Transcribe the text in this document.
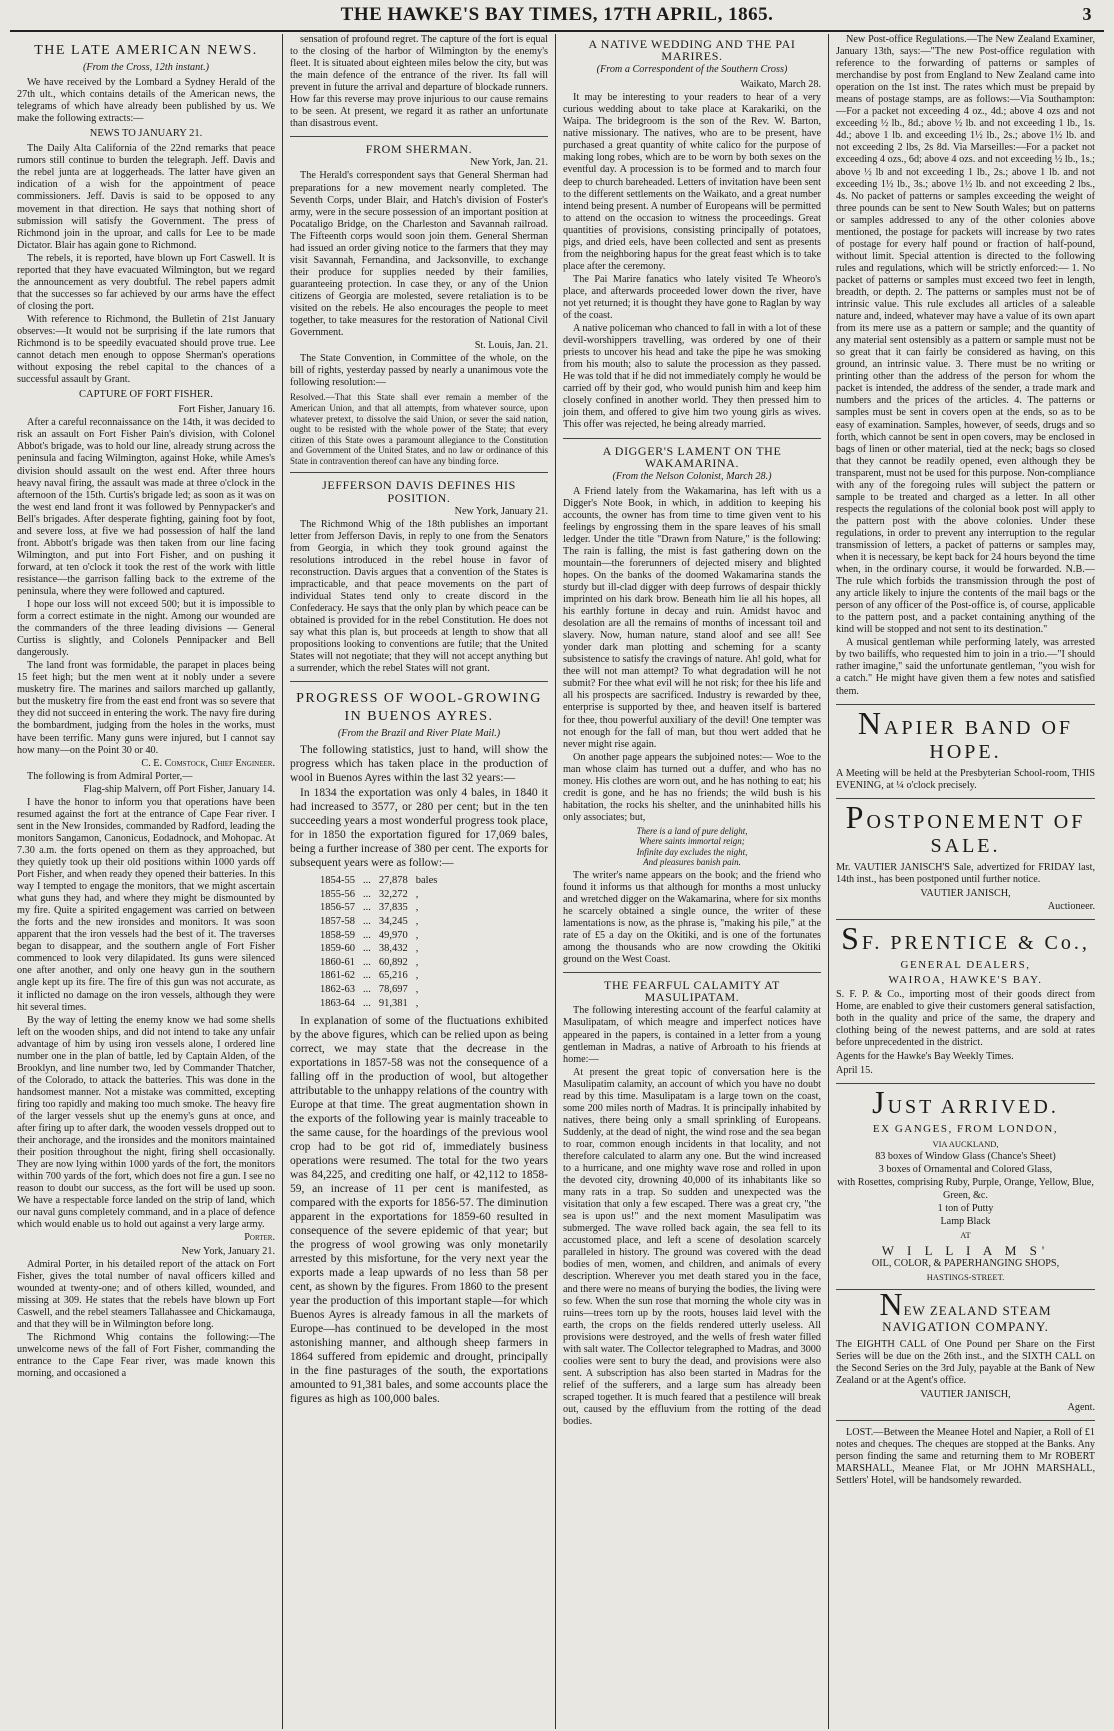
THE HAWKE'S BAY TIMES, 17TH APRIL, 1865.	3
THE LATE AMERICAN NEWS.
(From the Cross, 12th instant.)

We have received by the Lombard a Sydney Herald of the 27th ult., which contains details of the American news, the telegrams of which have already been published by us. We make the following extracts:—

NEWS TO JANUARY 21.

The Daily Alta California of the 22nd remarks that peace rumors still continue to burden the telegraph. Jeff. Davis and the rebel junta are at loggerheads. The latter have given an indication of a wish for the appointment of peace commissioners. Jeff. Davis is said to be opposed to any movement in that direction. He says that nothing short of submission will satisfy the Government. The press of Richmond join in the uproar, and calls for Lee to be made Dictator. Blair has again gone to Richmond.

The rebels, it is reported, have blown up Fort Caswell. It is reported that they have evacuated Wilmington, but we regard the announcement as very doubtful. The rebel papers admit that the successes so far achieved by our arms have the effect of closing the port.

With reference to Richmond, the Bulletin of 21st January observes:—It would not be surprising if the late rumors that Richmond is to be speedily evacuated should prove true. Lee cannot detach men enough to oppose Sherman's operations without exposing the rebel capital to the chances of a successful assault by Grant.

CAPTURE OF FORT FISHER.
Fort Fisher, January 16.

After a careful reconnaissance on the 14th, it was decided to risk an assault on Fort Fisher Pain's division, with Colonel Abbot's brigade, was to hold our line, already strung across the peninsula and facing Wilmington, against Hoke, while Ames's division should assault on the west end. After three hours heavy naval firing, the assault was made at three o'clock in the afternoon of the 15th. Curtis's brigade led; as soon as it was on the west end land front it was followed by Pennypacker's and Bell's brigades. After desperate fighting, gaining foot by foot, and severe loss, at five we had possession of half the land front. Abbott's brigade was then taken from our line facing Wilmington, and put into Fort Fisher, and on pushing it forward, at ten o'clock it took the rest of the work with little resistance—the garrison falling back to the extreme of the peninsula, where they were followed and captured.

I hope our loss will not exceed 500; but it is impossible to form a correct estimate in the night. Among our wounded are the commanders of the three leading divisions — General Curtiss is slightly, and Colonels Pennipacker and Bell dangerously.

The land front was formidable, the parapet in places being 15 feet high; but the men went at it nobly under a severe musketry fire. The marines and sailors marched up gallantly, but the musketry fire from the east end front was so severe that they did not succeed in entering the work. The navy fire during the bombardment, judging from the holes in the works, must have been terrific. Many guns were injured, but I cannot say how many—on the Point 30 or 40.

C. E. Comstock, Chief Engineer.

The following is from Admiral Porter,—

Flag-ship Malvern, off Port Fisher, January 14.

I have the honor to inform you that operations have been resumed against the fort at the entrance of Cape Fear river. I sent in the New Ironsides, commanded by Radford, leading the monitors Sangamon, Canonicus, Eodadnock, and Mohopac. At 7.30 a.m. the forts opened on them as they approached, but they quietly took up their old positions within 1000 yards off Port Fisher, and when ready they opened their batteries. In this way I tempted to engage the monitors, that we might ascertain what guns they had, and where they might be dismounted by my fire. Quite a spirited engagement was carried on between the forts and the new ironsides and monitors. It was soon apparent that the iron vessels had the best of it. The traverses began to disappear, and the southern angle of Fort Fisher commenced to look very dilapidated. Its guns were silenced one after another, and only one heavy gun in the southern angle kept up its fire. The fire of this gun was not accurate, as it inflicted no damage on the iron vessels, although they were hit several times.

By the way of letting the enemy know we had some shells left on the wooden ships, and did not intend to take any unfair advantage of him by using iron vessels alone, I ordered line number one in the plan of battle, led by Captain Alden, of the Brooklyn, and line number two, led by Commander Thatcher, of the Colorado, to attack the batteries. This was done in the handsomest manner. Not a mistake was committed, excepting firing too rapidly and making too much smoke. The heavy fire of the larger vessels shut up the enemy's guns at once, and after firing up to after dark, the wooden vessels dropped out to their anchorage, and the ironsides and the monitors maintained their position throughout the night, firing shell occasionally. They are now lying within 1000 yards of the fort, the monitors within 700 yards of the fort, which does not fire a gun. I see no reason to doubt our success, as the fort will be used up soon. We have a respectable force landed on the strip of land, which our naval guns completely command, and in a place of defence which would enable us to hold out against a very large army.

Porter.
New York, January 21.

Admiral Porter, in his detailed report of the attack on Fort Fisher, gives the total number of naval officers killed and wounded at twenty-one; and of others killed, wounded, and missing at 309. He states that the rebels have blown up Fort Caswell, and the rebel steamers Tallahassee and Chickamauga, and that they will be in Wilmington before long.

The Richmond Whig contains the following:—The unwelcome news of the fall of Fort Fisher, commanding the entrance to the Cape Fear river, was made known this morning, and occasioned a

sensation of profound regret. The capture of the fort is equal to the closing of the harbor of Wilmington by the enemy's fleet. It is situated about eighteen miles below the city, but was the main defence of the entrance of the river. Its fall will prevent in future the arrival and departure of blockade runners. How far this reverse may prove injurious to our cause remains to be seen. At present, we regard it as rather an unfortunate than disastrous event.

FROM SHERMAN.
New York, Jan. 21.

The Herald's correspondent says that General Sherman had preparations for a new movement nearly completed. The Seventh Corps, under Blair, and Hatch's division of Foster's army, were in the secure possession of an important position at Pocataligo Bridge, on the Charleston and Savannah railroad. The Fifteenth corps would soon join them. General Sherman had issued an order giving notice to the farmers that they may visit Savannah, Fernandina, and Jacksonville, to exchange their produce for supplies needed by their families, guaranteeing protection. In case they, or any of the Union citizens of Georgia are molested, severe retaliation is to be visited on the rebels. He also encourages the people to meet together, to take measures for the restoration of National Civil Government.

St. Louis, Jan. 21.

The State Convention, in Committee of the whole, on the bill of rights, yesterday passed by nearly a unanimous vote the following resolution:—

Resolved.—That this State shall ever remain a member of the American Union, and that all attempts, from whatever source, upon whatever pretext, to dissolve the said Union, or sever the said nation, ought to be resisted with the whole power of the State; that every citizen of this State owes a paramount allegiance to the Constitution and Government of the United States, and no law or ordinance of this State in contravention thereof can have any binding force.
JEFFERSON DAVIS DEFINES HIS POSITION.
New York, January 21.

The Richmond Whig of the 18th publishes an important letter from Jefferson Davis, in reply to one from the Senators from Georgia, in which they took ground against the resolutions introduced in the rebel house in favor of reconstruction. Davis argues that a convention of the States is impracticable, and that peace movements on the part of individual States tend only to create discord in the Confederacy. He says that the only plan by which peace can be obtained is provided for in the rebel Constitution. He does not say what this plan is, but proceeds at length to show that all propositions looking to conventions are futile; that the United States will not negotiate; that they will not accept anything but a surrender, which the rebel States will not grant.

PROGRESS OF WOOL-GROWING IN BUENOS AYRES.
(From the Brazil and River Plate Mail.)

The following statistics, just to hand, will show the progress which has taken place in the production of wool in Buenos Ayres within the last 32 years:—

In 1834 the exportation was only 4 bales, in 1840 it had increased to 3577, or 280 per cent; but in the ten succeeding years a most wonderful progress took place, for in 1850 the exportation figured for 17,069 bales, being a further increase of 380 per cent. The exports for subsequent years were as follow:—

1854-55	...	27,878	bales
1855-56	...	32,272	,
1856-57	...	37,835	,
1857-58	...	34,245	,
1858-59	...	49,970	,
1859-60	...	38,432	,
1860-61	...	60,892	,
1861-62	...	65,216	,
1862-63	...	78,697	,
1863-64	...	91,381	,

In explanation of some of the fluctuations exhibited by the above figures, which can be relied upon as being correct, we may state that the decrease in the exportations in 1857-58 was not the consequence of a falling off in the production of wool, but altogether attributable to the unhappy relations of the country with Europe at that time. The great augmentation shown in the exports of the following year is mainly traceable to the same cause, for the hoardings of the previous wool crop had to be got rid of, immediately business operations were resumed. The total for the two years was 84,225, and crediting one half, or 42,112 to 1858-59, an increase of 11 per cent is manifested, as compared with the exports for 1856-57. The diminution apparent in the exportations for 1859-60 resulted in consequence of the severe epidemic of that year; but the progress of wool growing was only monetarily arrested by this misfortune, for the very next year the exports made a leap upwards of no less than 58 per cent, as shown by the figures. From 1860 to the present year the production of this important staple—for which Buenos Ayres is already famous in all the markets of Europe—has continued to be developed in the most astonishing manner, and although sheep farmers in 1864 suffered from epidemic and drought, principally in the fine pasturages of the south, the exportations amounted to 91,381 bales, and some accounts place the figures as high as 100,000 bales.

A NATIVE WEDDING AND THE PAI MARIRES.
(From a Correspondent of the Southern Cross)
Waikato, March 28.

It may be interesting to your readers to hear of a very curious wedding about to take place at Karakariki, on the Waipa. The bridegroom is the son of the Rev. W. Barton, native missionary. The natives, who are to be present, have purchased a great quantity of white calico for the purpose of making long robes, which are to be worn by both sexes on the eventful day. A procession is to be formed and to march four deep to church bareheaded. Letters of invitation have been sent to the different settlements on the Waikato, and a great number intend being present. A number of Europeans will be permitted to attend on the occasion to witness the proceedings. Great quantities of provisions, consisting principally of potatoes, pigs, and dried eels, have been collected and sent as presents from the neighboring hapus for the great feast which is to take place after the ceremony.

The Pai Marire fanatics who lately visited Te Wheoro's place, and afterwards proceeded lower down the river, have not yet returned; it is thought they have gone to Raglan by way of the coast.

A native policeman who chanced to fall in with a lot of these devil-worshippers travelling, was ordered by one of their priests to uncover his head and take the pipe he was smoking from his mouth; also to salute the procession as they passed. He was told that if he did not immediately comply he would be carried off by their god, who would punish him and keep him closely confined in another world. They then pressed him to join them, and offered to give him two young girls as wives. This offer was rejected, he being already married.

A DIGGER'S LAMENT ON THE WAKAMARINA.
(From the Nelson Colonist, March 28.)

A Friend lately from the Wakamarina, has left with us a Digger's Note Book, in which, in addition to keeping his accounts, the owner has from time to time given vent to his feelings by engrossing them in the spare leaves of his small ledger. Under the title "Drawn from Nature," is the following: The rain is falling, the mist is fast gathering down on the mountain—the forerunners of dejected misery and blighted hopes. On the banks of the doomed Wakamarina stands the sturdy but ill-clad digger with deep furrows of despair thickly imprinted on his dark brow. Beneath him lie all his hopes, all his earthly fortune in decay and ruin. Amidst havoc and desolation are all the remains of months of incessant toil and slavery. Now, human nature, stand aloof and see all! See yonder dark man plotting and scheming for a scanty subsistence to satisfy the cravings of nature. Ah! gold, what for thee will not man attempt? To what degradation will he not submit? For thee what evil will he not risk; for thee his life and all his prospects are sacrificed. Industry is rewarded by thee, enterprise is supported by thee, and heaven itself is bartered for thee, thou powerful auxiliary of the devil! One tempter was not enough for the fall of man, but thou wert added that he never might rise again.

On another page appears the subjoined notes:— Woe to the man whose claim has turned out a duffer, and who has no money. His clothes are worn out, and he has nothing to eat; his credit is gone, and he has no friends; the wild bush is his habitation, the rocks his shelter, and the uninhabited hills his only associates; but,

There is a land of pure delight,
Where saints immortal reign;
Infinite day excludes the night,
And pleasures banish pain.

The writer's name appears on the book; and the friend who found it informs us that although for months a most unlucky and wretched digger on the Wakamarina, where for six months he scarcely obtained a single ounce, the writer of these lamentations is now, as the phrase is, "making his pile," at the rate of £5 a day on the Okitiki, and is one of the fortunates among the thousands who are now crowding the Okitiki ground on the West Coast.

THE FEARFUL CALAMITY AT MASULIPATAM.

The following interesting account of the fearful calamity at Masulipatam, of which meagre and imperfect notices have appeared in the papers, is contained in a letter from a young gentleman in Madras, a native of Arbroath to his friends at home:—

At present the great topic of conversation here is the Masulipatim calamity, an account of which you have no doubt read by this time. Masulipatam is a large town on the coast, some 200 miles north of Madras. It is principally inhabited by natives, there being only a small sprinkling of Europeans. Suddenly, at the dead of night, the wind rose and the sea began to roar, common enough incidents in that locality, and not therefore calculated to alarm any one. But the wind increased to a hurricane, and one mighty wave rose and rolled in upon the devoted city, drowning 40,000 of its inhabitants like so many rats in a trap. So sudden and unexpected was the visitation that only a few escaped. There was a great cry, "the sea is upon us!" and the next moment Masulipatim was submerged. The wave rolled back again, the sea fell to its accustomed place, and left a scene of desolation scarcely paralleled in history. The ground was covered with the dead bodies of men, women, and children, and animals of every description. Wherever you met death stared you in the face, and there were no means of burying the bodies, the living were so few. When the sun rose that morning the whole city was in ruins—trees torn up by the roots, houses laid level with the earth, the crops on the fields rendered utterly useless. All provisions were destroyed, and the wells of fresh water filled with salt water. The Collector telegraphed to Madras, and 3000 coolies were sent to bury the dead, and provisions were also sent. A subscription has also been started in Madras for the relief of the sufferers, and a large sum has already been scraped together. It is much feared that a pestilence will break out, caused by the effluvium from the rotting of the dead bodies.

New Post-office Regulations.—The New Zealand Examiner, January 13th, says:—"The new Post-office regulation with reference to the forwarding of patterns or samples of merchandise by post from England to New Zealand came into operation on the 1st inst. The rates which must be prepaid by means of postage stamps, are as follows:—Via Southampton:—For a packet not exceeding 4 oz., 4d.; above 4 ozs and not exceeding ½ lb., 8d.; above ½ lb. and not exceeding 1 lb., 1s. 4d.; above 1 lb. and exceeding 1½ lb., 2s.; above 1½ lb. and not exceeding 2 lbs, 2s 8d. Via Marseilles:—For a packet not exceeding 4 ozs., 6d; above 4 ozs. and not exceeding ½ lb., 1s.; above ½ lb and not exceeding 1 lb., 2s.; above 1 lb. and not exceeding 1½ lb., 3s.; above 1½ lb. and not exceeding 2 lbs., 4s. No packet of patterns or samples exceeding the weight of three pounds can be sent to New South Wales; but on patterns or samples addressed to any of the other colonies above mentioned, the postage for packets will increase by two rates of postage for every half pound or fraction of half-pound, without limit. Special attention is directed to the following rules and regulations, which will be strictly enforced:— 1. No packet of patterns or samples must exceed two feet in length, breadth, or depth. 2. The patterns or samples must not be of intrinsic value. This rule excludes all articles of a saleable nature and, indeed, whatever may have a value of its own apart from its mere use as a pattern or sample; and the quantity of any material sent ostensibly as a pattern or sample must not be so great that it can fairly be considered as having, on this ground, an intrinsic value. 3. There must be no writing or printing other than the address of the person for whom the packet is intended, the address of the sender, a trade mark and numbers and the prices of the articles. 4. The patterns or samples must be sent in covers open at the ends, so as to be easy of examination. Samples, however, of seeds, drugs and so forth, which cannot be sent in open covers, may be enclosed in bags of linen or other material, tied at the neck; bags so closed that they cannot be readily opened, even although they be transparent, must not be used for this purpose. Non-compliance with any of the foregoing rules will subject the pattern or sample to be treated and charged as a letter. In all other respects the regulations of the colonial book post will apply to the pattern post with the above colonies. Under these regulations, in order to prevent any interruption to the regular transmission of letters, a packet of patterns or samples may, when it is necessary, be kept back for 24 hours beyond the time when, in the ordinary course, it would be forwarded. N.B.—The rule which forbids the transmission through the post of any article likely to injure the contents of the mail bags or the person of any officer of the Post-office is, of course, applicable to the pattern post, and a packet containing anything of the kind will be stopped and not sent to its destination."

A musical gentleman while performing lately, was arrested by two bailiffs, who requested him to join in a trio.—"I should rather imagine," said the unfortunate gentleman, "you wish for a catch." He might have given them a few notes and satisfied them.

NAPIER BAND OF HOPE.
A Meeting will be held at the Presbyterian School-room, THIS EVENING, at ¼ o'clock precisely.
POSTPONEMENT OF SALE.
Mr. VAUTIER JANISCH'S Sale, advertized for FRIDAY last, 14th inst., has been postponed until further notice.
VAUTIER JANISCH,
Auctioneer.
SF. PRENTICE & Co.,
GENERAL DEALERS,
WAIROA, HAWKE'S BAY.
S. F. P. & Co., importing most of their goods direct from Home, are enabled to give their customers general satisfaction, both in the quality and price of the same, the drapery and clothing being of the newest patterns, and are sold at rates before unprecedented in the district.
Agents for the Hawke's Bay Weekly Times.
April 15.
JUST ARRIVED.
EX GANGES, FROM LONDON,
VIA AUCKLAND,
83 boxes of Window Glass (Chance's Sheet)
3 boxes of Ornamental and Colored Glass,
with Rosettes, comprising Ruby, Purple, Orange, Yellow, Blue, Green, &c.
1 ton of Putty
Lamp Black
AT
W I L L I A M S'
OIL, COLOR, & PAPERHANGING SHOPS,
HASTINGS-STREET.
NEW ZEALAND STEAM NAVIGATION COMPANY.
The EIGHTH CALL of One Pound per Share on the First Series will be due on the 26th inst., and the SIXTH CALL on the Second Series on the 3rd July, payable at the Bank of New Zealand or at the Agent's office.
VAUTIER JANISCH,
Agent.

LOST.—Between the Meanee Hotel and Napier, a Roll of £1 notes and cheques. The cheques are stopped at the Banks. Any person finding the same and returning them to Mr ROBERT MARSHALL, Meanee Flat, or Mr JOHN MARSHALL, Settlers' Hotel, will be handsomely rewarded.
